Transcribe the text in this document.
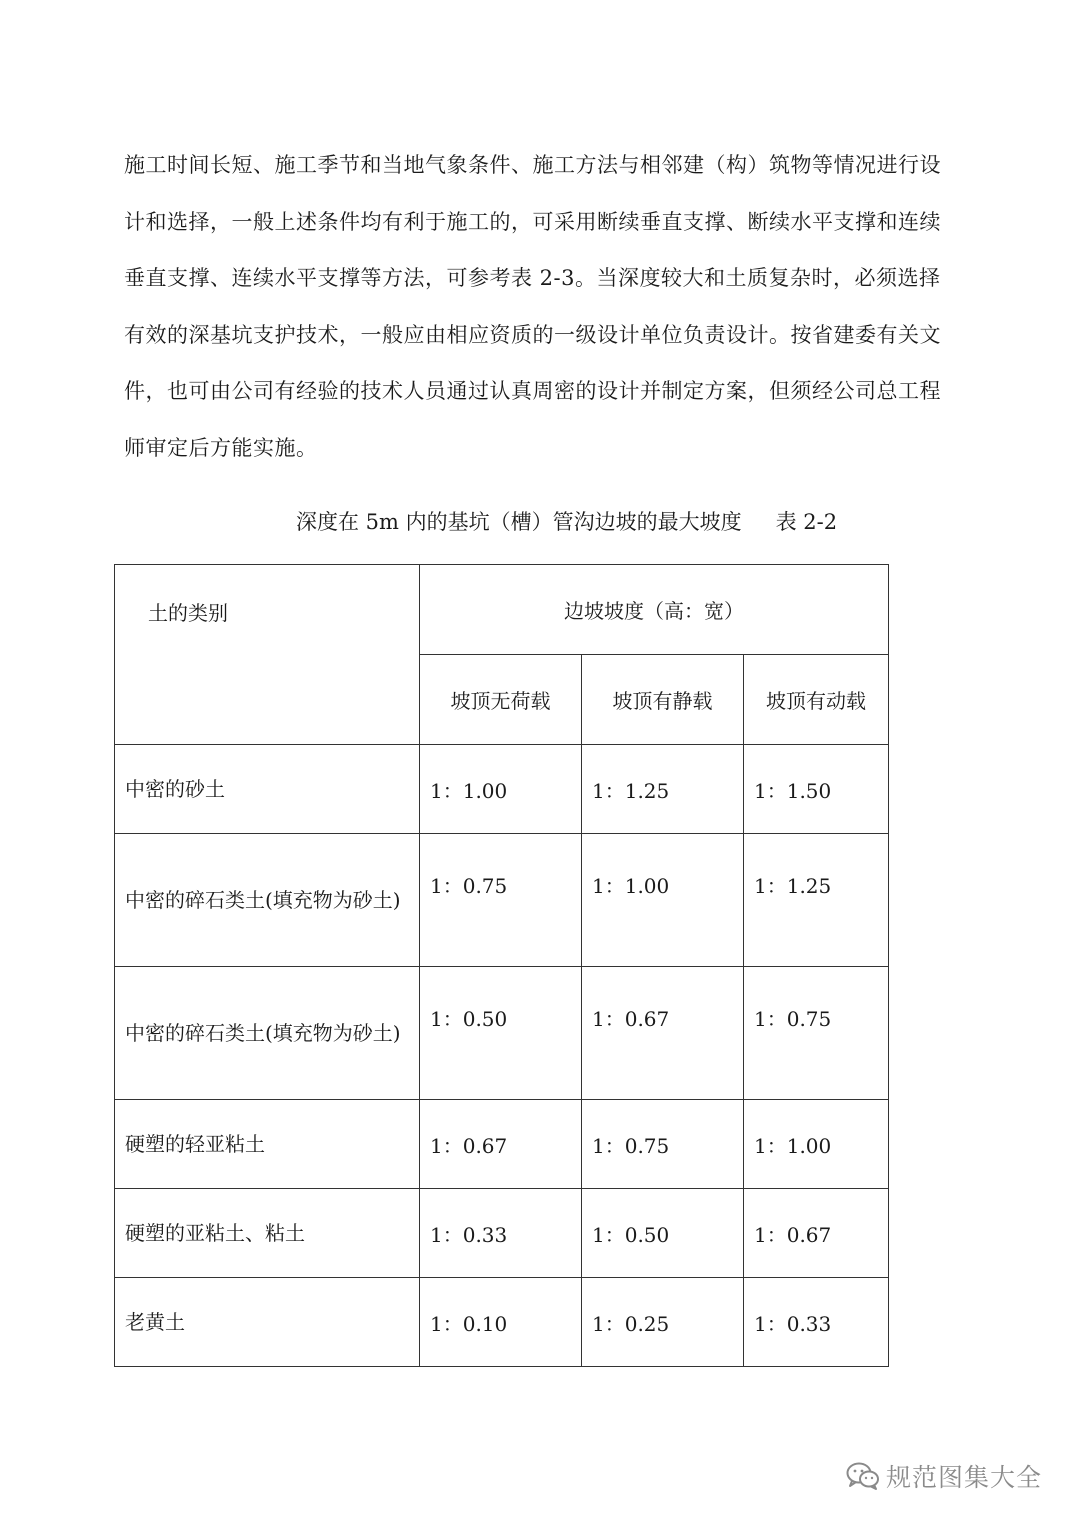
施工时间长短、施工季节和当地气象条件、施工方法与相邻建（构）筑物等情况进行设
计和选择，一般上述条件均有利于施工的，可采用断续垂直支撑、断续水平支撑和连续
垂直支撑、连续水平支撑等方法，可参考表 2-3。当深度较大和土质复杂时，必须选择
有效的深基坑支护技术，一般应由相应资质的一级设计单位负责设计。按省建委有关文
件，也可由公司有经验的技术人员通过认真周密的设计并制定方案，但须经公司总工程
师审定后方能实施。
深度在 5m 内的基坑（槽）管沟边坡的最大坡度 表 2-2
土的类别	边坡坡度（高：宽）		
	坡顶无荷载	坡顶有静载	坡顶有动载
中密的砂土	1：1.00	1：1.25	1：1.50
中密的碎石类土(填充物为砂土)	1：0.75	1：1.00	1：1.25
中密的碎石类土(填充物为砂土)	1：0.50	1：0.67	1：0.75
硬塑的轻亚粘土	1：0.67	1：0.75	1：1.00
硬塑的亚粘土、粘土	1：0.33	1：0.50	1：0.67
老黄土	1：0.10	1：0.25	1：0.33
规范图集大全
